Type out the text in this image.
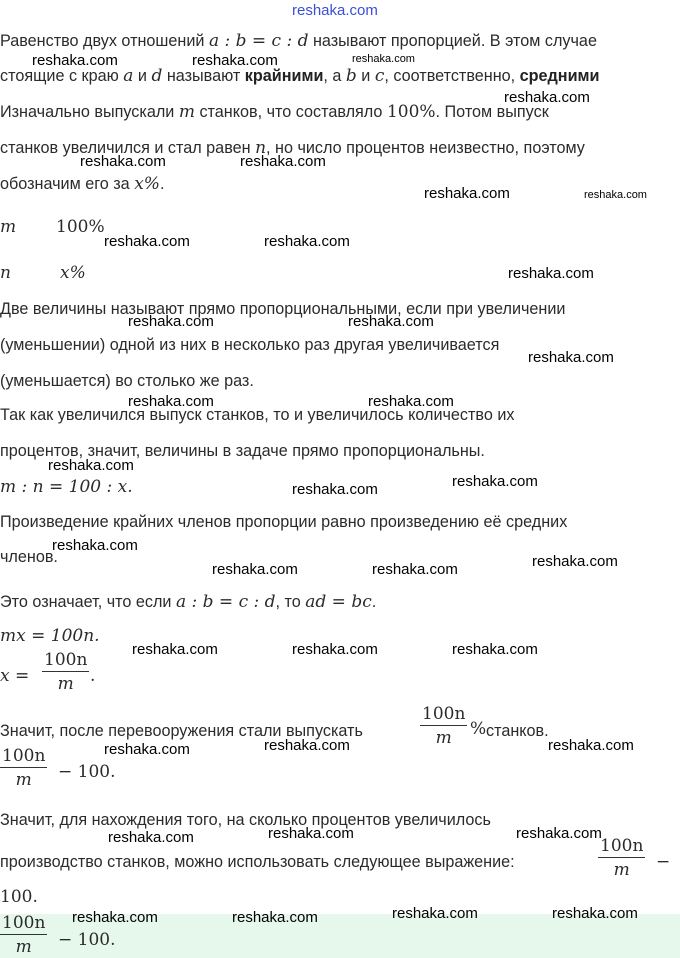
reshaka.com
Равенство двух отношений a : b = c : d называют пропорцией. В этом случае
стоящие с краю a и d называют крайними, а b и c, соответственно, средними
Изначально выпускали m станков, что составляло 100%. Потом выпуск
станков увеличился и стал равен n, но число процентов неизвестно, поэтому
обозначим его за x%.
m 100%
n	x%
Две величины называют прямо пропорциональными, если при увеличении
(уменьшении) одной из них в несколько раз другая увеличивается
(уменьшается) во столько же раз.
Так как увеличился выпуск станков, то и увеличилось количество их
процентов, значит, величины в задаче прямо пропорциональны.
m : n = 100 : x.
Произведение крайних членов пропорции равно произведению её средних
членов.
Это означает, что если a : b = c : d, то ad = bc.
mx = 100n.
x =
100n
m .
Значит, после перевооружения стали выпускать
100n
m	% станков.
100n
m	− 100.
Значит, для нахождения того, на сколько процентов увеличилось
производство станков, можно использовать следующее выражение:
100n
m	−
100.
100n
m	− 100.
reshaka.com	reshaka.com	reshaka.com
reshaka.com
reshaka.com	reshaka.com
reshaka.com	reshaka.com
reshaka.com	reshaka.com
reshaka.com
reshaka.com	reshaka.com
reshaka.com
reshaka.com	reshaka.com
reshaka.com
reshaka.com
reshaka.com
reshaka.com
reshaka.com
reshaka.com	reshaka.com
reshaka.com	reshaka.com	reshaka.com
reshaka.com
reshaka.com	reshaka.com
reshaka.com	reshaka.com
reshaka.com
reshaka.com	reshaka.com
reshaka.com	reshaka.com
